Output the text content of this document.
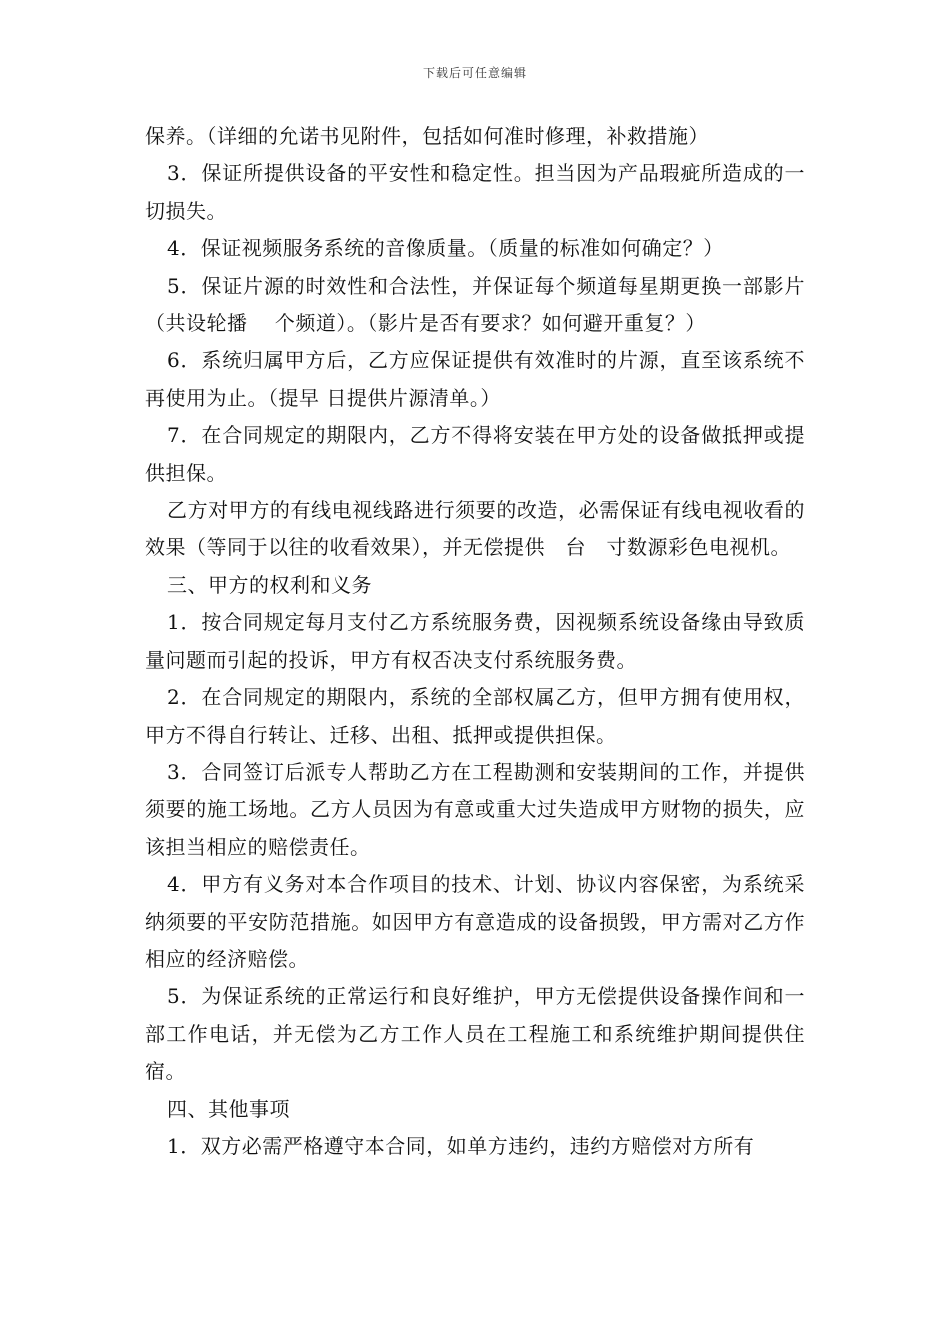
下载后可任意编辑

保养。（详细的允诺书见附件，包括如何准时修理，补救措施）

3．保证所提供设备的平安性和稳定性。担当因为产品瑕疵所造成的一切损失。

4．保证视频服务系统的音像质量。（质量的标准如何确定？）

5．保证片源的时效性和合法性，并保证每个频道每星期更换一部影片（共设轮播　 个频道）。（影片是否有要求？如何避开重复？）

6．系统归属甲方后，乙方应保证提供有效准时的片源，直至该系统不再使用为止。（提早 日提供片源清单。）

7．在合同规定的期限内，乙方不得将安装在甲方处的设备做抵押或提供担保。

乙方对甲方的有线电视线路进行须要的改造，必需保证有线电视收看的效果（等同于以往的收看效果），并无偿提供　台　寸数源彩色电视机。

三、甲方的权利和义务

1．按合同规定每月支付乙方系统服务费，因视频系统设备缘由导致质量问题而引起的投诉，甲方有权否决支付系统服务费。

2．在合同规定的期限内，系统的全部权属乙方，但甲方拥有使用权，甲方不得自行转让、迁移、出租、抵押或提供担保。

3．合同签订后派专人帮助乙方在工程勘测和安装期间的工作，并提供须要的施工场地。乙方人员因为有意或重大过失造成甲方财物的损失，应该担当相应的赔偿责任。

4．甲方有义务对本合作项目的技术、计划、协议内容保密，为系统采纳须要的平安防范措施。如因甲方有意造成的设备损毁，甲方需对乙方作相应的经济赔偿。

5．为保证系统的正常运行和良好维护，甲方无偿提供设备操作间和一部工作电话，并无偿为乙方工作人员在工程施工和系统维护期间提供住宿。

四、其他事项

1．双方必需严格遵守本合同，如单方违约，违约方赔偿对方所有
